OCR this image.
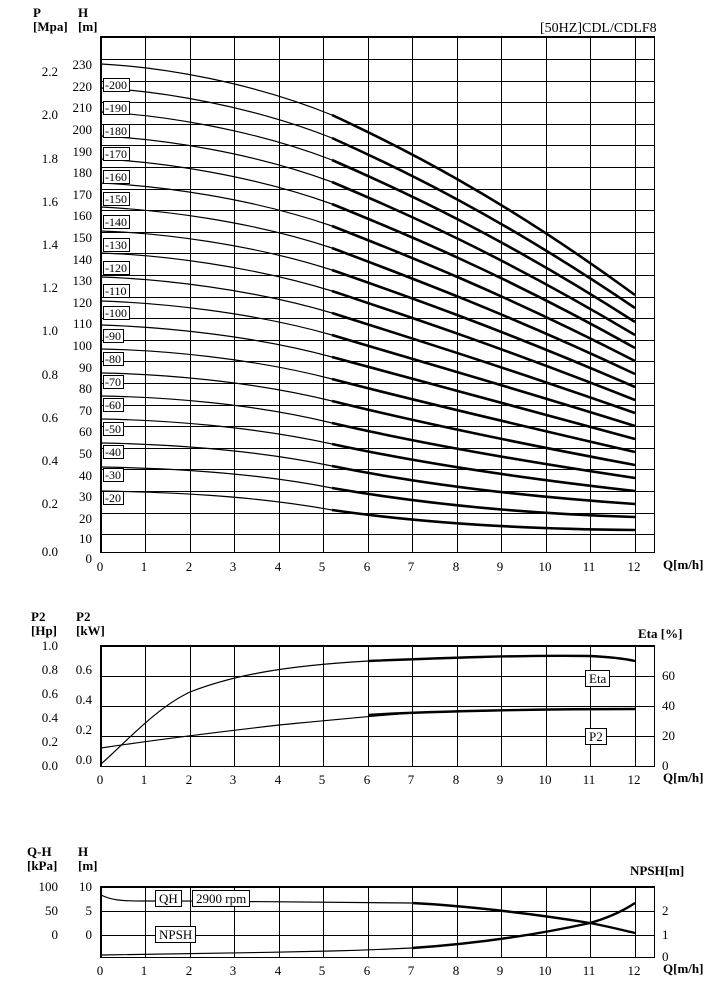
P
[Mpa]
H
[m]	[50HZ]CDL/CDLF8
2.2
2.0
1.8
1.6
1.4
1.2
1.0
0.8
0.6
0.4
0.2
0.0
230
220
210
200
190
180
170
160
150
140
130
120
110
100
90
80
70
60
50
40
30
20
10
0
-200
-190
-180
-170
-160
-150
-140
-130
-120
-110
-100
-90
-80
-70
-60
-50
-40
-30
-20
0	1	2	3	4	5	6	7	8	9	10	11	12	Q[m/h]
P2
[Hp]
P2
[kW]	Eta [%]
1.0
0.8
0.6
0.4
0.2
0.0
0.6
0.4
0.2
0.0
60
40
20
0
Eta
P2
0	1	2	3	4	5	6	7	8	9	10	11	12	Q[m/h]
Q-H
[kPa]
H
[m]	NPSH[m]
100
50
0
10
5
0
2
1
0
QH	2900 rpm
NPSH
0	1	2	3	4	5	6	7	8	9	10	11	12	Q[m/h]
